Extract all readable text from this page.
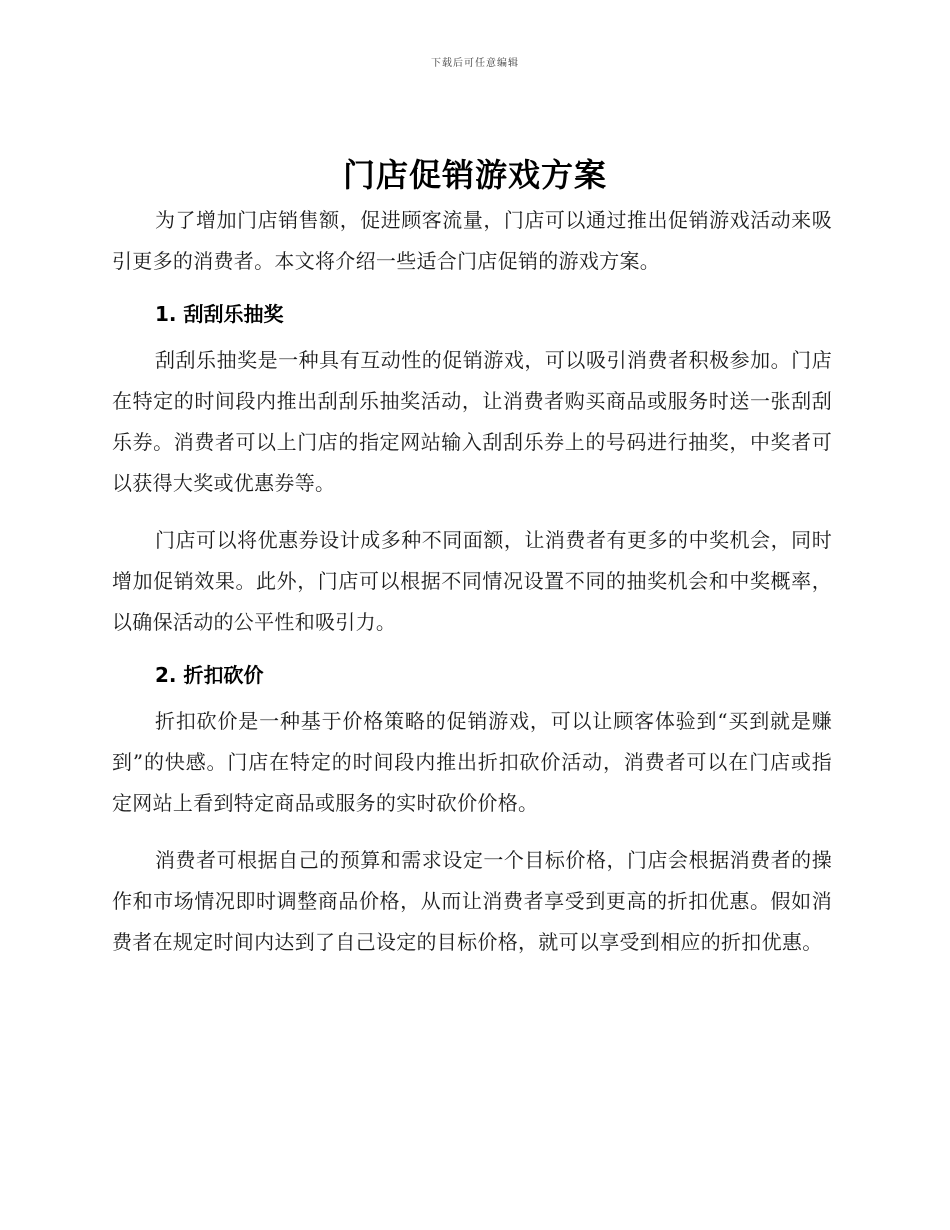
下载后可任意编辑
门店促销游戏方案

为了增加门店销售额，促进顾客流量，门店可以通过推出促销游戏活动来吸引更多的消费者。本文将介绍一些适合门店促销的游戏方案。

1. 刮刮乐抽奖

刮刮乐抽奖是一种具有互动性的促销游戏，可以吸引消费者积极参加。门店在特定的时间段内推出刮刮乐抽奖活动，让消费者购买商品或服务时送一张刮刮乐券。消费者可以上门店的指定网站输入刮刮乐券上的号码进行抽奖，中奖者可以获得大奖或优惠券等。

门店可以将优惠券设计成多种不同面额，让消费者有更多的中奖机会，同时增加促销效果。此外，门店可以根据不同情况设置不同的抽奖机会和中奖概率，以确保活动的公平性和吸引力。

2. 折扣砍价

折扣砍价是一种基于价格策略的促销游戏，可以让顾客体验到“买到就是赚到”的快感。门店在特定的时间段内推出折扣砍价活动，消费者可以在门店或指定网站上看到特定商品或服务的实时砍价价格。

消费者可根据自己的预算和需求设定一个目标价格，门店会根据消费者的操作和市场情况即时调整商品价格，从而让消费者享受到更高的折扣优惠。假如消费者在规定时间内达到了自己设定的目标价格，就可以享受到相应的折扣优惠。
